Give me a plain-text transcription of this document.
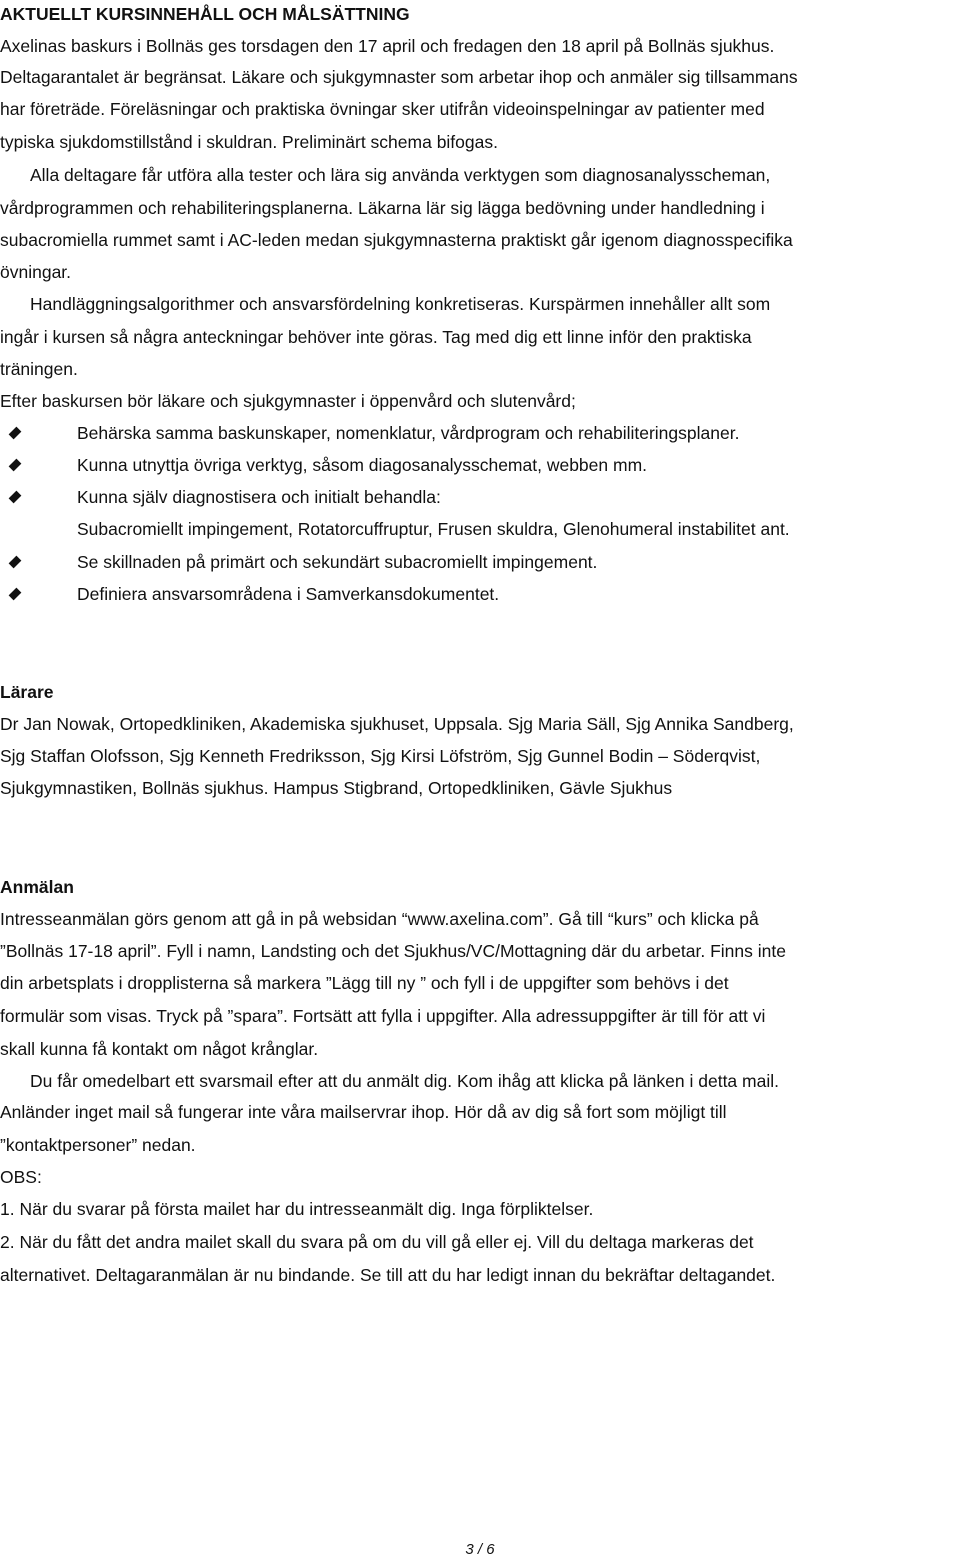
AKTUELLT KURSINNEHÅLL OCH MÅLSÄTTNING
Axelinas baskurs i Bollnäs ges torsdagen den 17 april och fredagen den 18 april på Bollnäs sjukhus.
Deltagarantalet är begränsat. Läkare och sjukgymnaster som arbetar ihop och anmäler sig tillsammans
har företräde. Föreläsningar och praktiska övningar sker utifrån videoinspelningar av patienter med
typiska sjukdomstillstånd i skuldran. Preliminärt schema bifogas.
Alla deltagare får utföra alla tester och lära sig använda verktygen som diagnosanalysscheman,
vårdprogrammen och rehabiliteringsplanerna. Läkarna lär sig lägga bedövning under handledning i
subacromiella rummet samt i AC-leden medan sjukgymnasterna praktiskt går igenom diagnosspecifika
övningar.
Handläggningsalgorithmer och ansvarsfördelning konkretiseras. Kurspärmen innehåller allt som
ingår i kursen så några anteckningar behöver inte göras. Tag med dig ett linne inför den praktiska
träningen.
Efter baskursen bör läkare och sjukgymnaster i öppenvård och slutenvård;
Behärska samma baskunskaper, nomenklatur, vårdprogram och rehabiliteringsplaner.
Kunna utnyttja övriga verktyg, såsom diagosanalysschemat, webben mm.
Kunna själv diagnostisera och initialt behandla:
Subacromiellt impingement, Rotatorcuffruptur, Frusen skuldra, Glenohumeral instabilitet ant.
Se skillnaden på primärt och sekundärt subacromiellt impingement.
Definiera ansvarsområdena i Samverkansdokumentet.
Lärare
Dr Jan Nowak, Ortopedkliniken, Akademiska sjukhuset, Uppsala. Sjg Maria Säll, Sjg Annika Sandberg,
Sjg Staffan Olofsson, Sjg Kenneth Fredriksson, Sjg Kirsi Löfström, Sjg Gunnel Bodin – Söderqvist,
Sjukgymnastiken, Bollnäs sjukhus. Hampus Stigbrand, Ortopedkliniken, Gävle Sjukhus
Anmälan
Intresseanmälan görs genom att gå in på websidan “www.axelina.com”. Gå till “kurs” och klicka på
”Bollnäs 17-18 april”. Fyll i namn, Landsting och det Sjukhus/VC/Mottagning där du arbetar. Finns inte
din arbetsplats i dropplisterna så markera ”Lägg till ny ” och fyll i de uppgifter som behövs i det
formulär som visas. Tryck på ”spara”. Fortsätt att fylla i uppgifter. Alla adressuppgifter är till för att vi
skall kunna få kontakt om något krånglar.
Du får omedelbart ett svarsmail efter att du anmält dig. Kom ihåg att klicka på länken i detta mail.
Anländer inget mail så fungerar inte våra mailservrar ihop. Hör då av dig så fort som möjligt till
”kontaktpersoner” nedan.
OBS:
1. När du svarar på första mailet har du intresseanmält dig. Inga förpliktelser.
2. När du fått det andra mailet skall du svara på om du vill gå eller ej. Vill du deltaga markeras det
alternativet. Deltagaranmälan är nu bindande. Se till att du har ledigt innan du bekräftar deltagandet.
3 / 6
